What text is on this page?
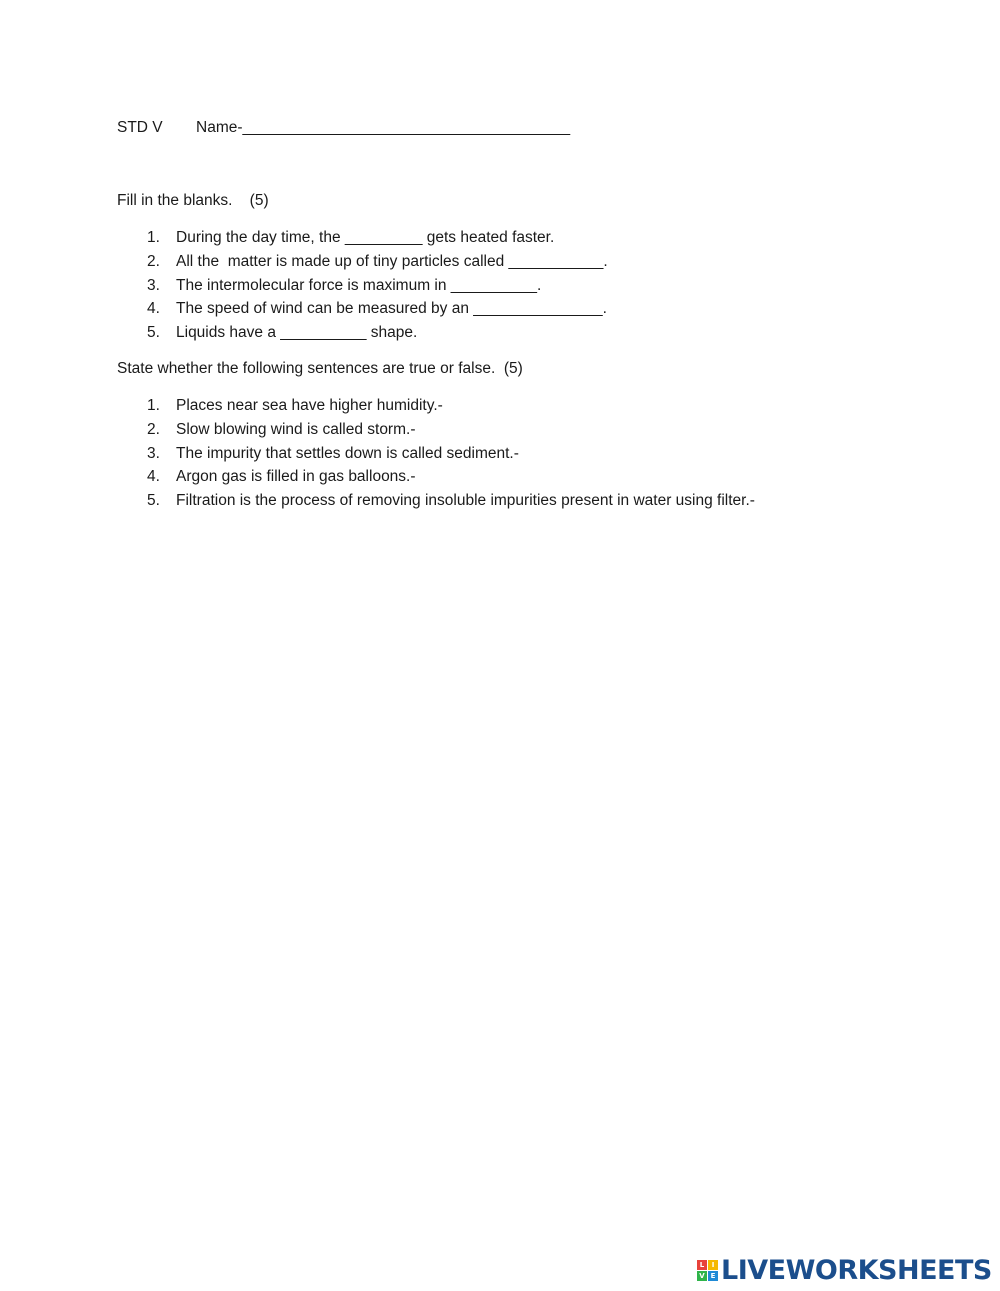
STD V Name-______________________________________
Fill in the blanks.    (5)
1. During the day time, the _________ gets heated faster.
2. All the  matter is made up of tiny particles called ___________.
3. The intermolecular force is maximum in __________.
4. The speed of wind can be measured by an _______________.
5. Liquids have a __________ shape.
State whether the following sentences are true or false.  (5)
1. Places near sea have higher humidity.-
2. Slow blowing wind is called storm.-
3. The impurity that settles down is called sediment.-
4. Argon gas is filled in gas balloons.-
5. Filtration is the process of removing insoluble impurities present in water using filter.-
L	I
V E LIVEWORKSHEETS
